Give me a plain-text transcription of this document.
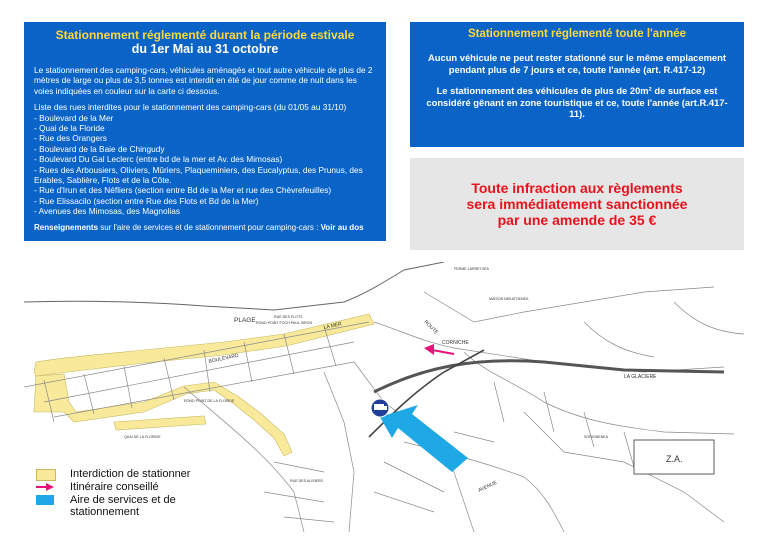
Stationnement réglementé durant la période estivale
du 1er Mai au 31 octobre
Le stationnement des camping-cars, véhicules aménagés et tout autre véhicule de plus de 2 mètres de large ou plus de 3,5 tonnes est interdit en été de jour comme de nuit dans les voies indiquées en couleur sur la carte ci dessous.
Liste des rues interdites pour le stationnement des camping-cars (du 01/05 au 31/10)
- Boulevard de la Mer
- Quai de la Floride
- Rue des Orangers
- Boulevard de la Baie de Chingudy
- Boulevard Du Gal Leclerc (entre bd de la mer et Av. des Mimosas)
- Rues des Arbousiers, Oliviers, Mûriers, Plaqueminiers, des Eucalyptus, des Prunus, des Erables, Sablière, Flots et de la Côte.
- Rue d'Irun et des Néfliers (section entre Bd de la Mer et rue des Chèvrefeuilles)
- Rue Elissacilo (section entre Rue des Flots et Bd de la Mer)
- Avenues des Mimosas, des Magnolias
Renseignements sur l'aire de services et de stationnement pour camping-cars : Voir au dos
Stationnement réglementé toute l'année
Aucun véhicule ne peut rester stationné sur le même emplacement pendant plus de 7 jours et ce, toute l'année (art. R.417-12)
Le stationnement des véhicules de plus de 20m² de surface est considéré gênant en zone touristique et ce, toute l'année (art.R.417-11).
Toute infraction aux règlements
sera immédiatement sanctionnée
par une amende de 35 €
Z.A.
PLAGE
LA MER
BOULEVARD
ROND POINT DE LA FLORIDE
ROND POINT FOCH PAUL SIRON
QUAI DE LA FLORIDE
ROUTE
CORNICHE
RUE DES FLOTS
AVENUE
MAISON NEKATOENEA
FERME LARRETXEA
LA GLACIERE
RUE DES ALISIERS
SORGINENEA
Interdiction de stationner
Itinéraire conseillé
Aire de services et de
stationnement
